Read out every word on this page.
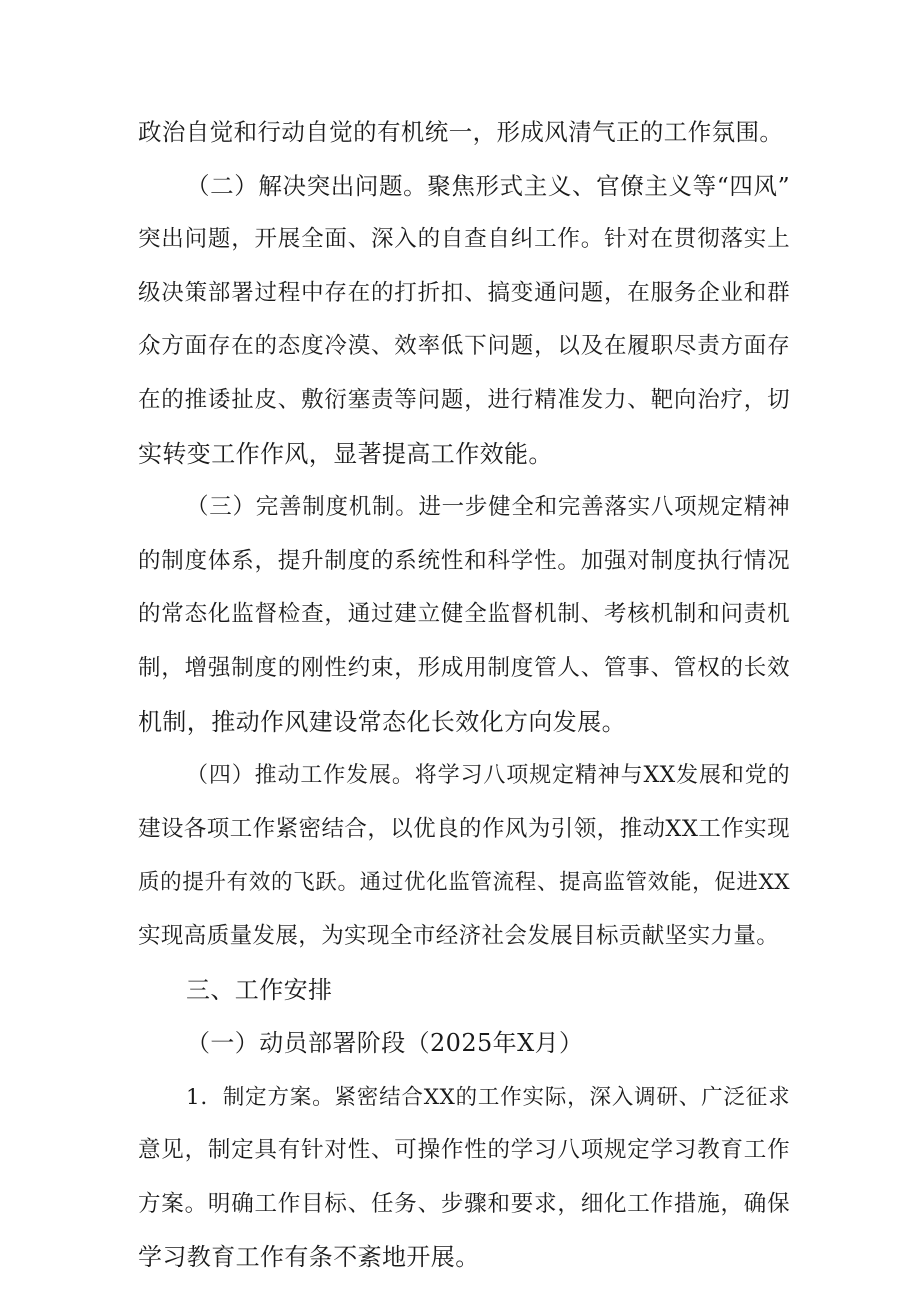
政治自觉和行动自觉的有机统一，形成风清气正的工作氛围。
（二）解决突出问题。聚焦形式主义、官僚主义等“四风”
突出问题，开展全面、深入的自查自纠工作。针对在贯彻落实上
级决策部署过程中存在的打折扣、搞变通问题，在服务企业和群
众方面存在的态度冷漠、效率低下问题，以及在履职尽责方面存
在的推诿扯皮、敷衍塞责等问题，进行精准发力、靶向治疗，切
实转变工作作风，显著提高工作效能。
（三）完善制度机制。进一步健全和完善落实八项规定精神
的制度体系，提升制度的系统性和科学性。加强对制度执行情况
的常态化监督检查，通过建立健全监督机制、考核机制和问责机
制，增强制度的刚性约束，形成用制度管人、管事、管权的长效
机制，推动作风建设常态化长效化方向发展。
（四）推动工作发展。将学习八项规定精神与XX发展和党的
建设各项工作紧密结合，以优良的作风为引领，推动XX工作实现
质的提升有效的飞跃。通过优化监管流程、提高监管效能，促进XX
实现高质量发展，为实现全市经济社会发展目标贡献坚实力量。
三、工作安排
（一）动员部署阶段（2025年X月）
1．制定方案。紧密结合XX的工作实际，深入调研、广泛征求
意见，制定具有针对性、可操作性的学习八项规定学习教育工作
方案。明确工作目标、任务、步骤和要求，细化工作措施，确保
学习教育工作有条不紊地开展。
